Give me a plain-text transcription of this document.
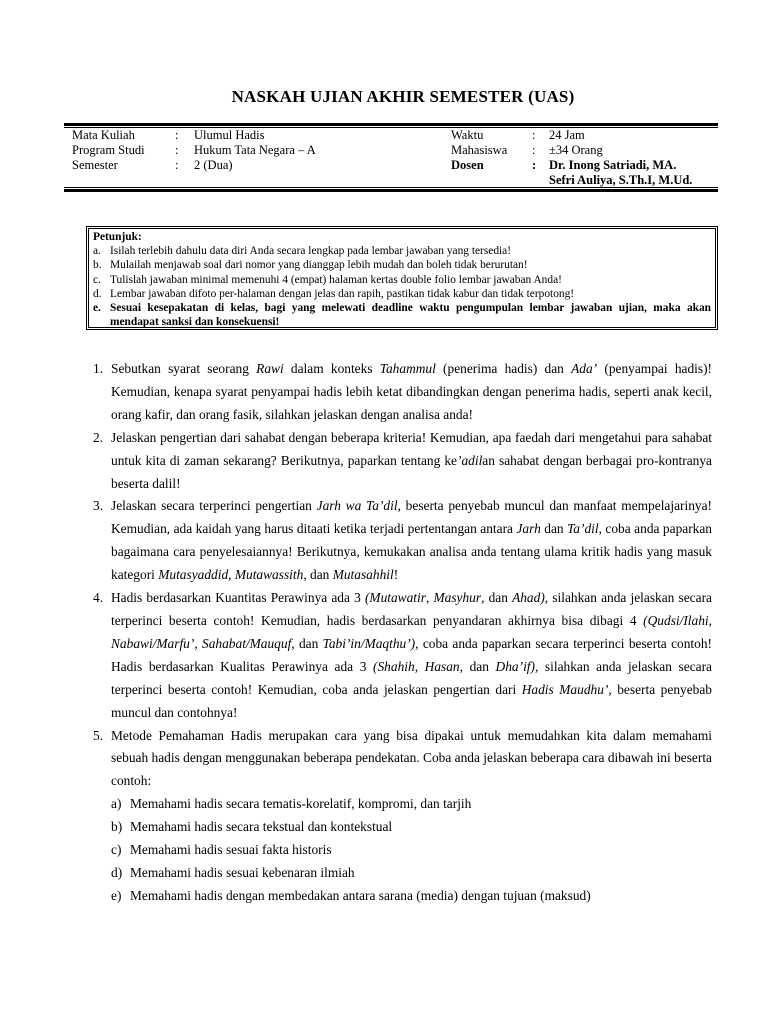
NASKAH UJIAN AKHIR SEMESTER (UAS)
Mata Kuliah	: Ulumul Hadis
Program Studi : Hukum Tata Negara – A
Semester	: 2 (Dua)
Waktu	: 24 Jam
Mahasiswa : ±34 Orang
Dosen	: Dr. Inong Satriadi, MA.
Sefri Auliya, S.Th.I, M.Ud.
Petunjuk:
a. Isilah terlebih dahulu data diri Anda secara lengkap pada lembar jawaban yang tersedia!
b. Mulailah menjawab soal dari nomor yang dianggap lebih mudah dan boleh tidak berurutan!
c. Tulislah jawaban minimal memenuhi 4 (empat) halaman kertas double folio lembar jawaban Anda!
d. Lembar jawaban difoto per-halaman dengan jelas dan rapih, pastikan tidak kabur dan tidak terpotong!
e. Sesuai kesepakatan di kelas, bagi yang melewati deadline waktu pengumpulan lembar jawaban ujian, maka akan mendapat sanksi dan konsekuensi!
1. Sebutkan syarat seorang Rawi dalam konteks Tahammul (penerima hadis) dan Ada’ (penyampai hadis)! Kemudian, kenapa syarat penyampai hadis lebih ketat dibandingkan dengan penerima hadis, seperti anak kecil, orang kafir, dan orang fasik, silahkan jelaskan dengan analisa anda!
2. Jelaskan pengertian dari sahabat dengan beberapa kriteria! Kemudian, apa faedah dari mengetahui para sahabat untuk kita di zaman sekarang? Berikutnya, paparkan tentang ke’adilan sahabat dengan berbagai pro-kontranya beserta dalil!
3. Jelaskan secara terperinci pengertian Jarh wa Ta’dil, beserta penyebab muncul dan manfaat mempelajarinya! Kemudian, ada kaidah yang harus ditaati ketika terjadi pertentangan antara Jarh dan Ta’dil, coba anda paparkan bagaimana cara penyelesaiannya! Berikutnya, kemukakan analisa anda tentang ulama kritik hadis yang masuk kategori Mutasyaddid, Mutawassith, dan Mutasahhil!
4. Hadis berdasarkan Kuantitas Perawinya ada 3 (Mutawatir, Masyhur, dan Ahad), silahkan anda jelaskan secara terperinci beserta contoh! Kemudian, hadis berdasarkan penyandaran akhirnya bisa dibagi 4 (Qudsi/Ilahi, Nabawi/Marfu’, Sahabat/Mauquf, dan Tabi’in/Maqthu’), coba anda paparkan secara terperinci beserta contoh! Hadis berdasarkan Kualitas Perawinya ada 3 (Shahih, Hasan, dan Dha’if), silahkan anda jelaskan secara terperinci beserta contoh! Kemudian, coba anda jelaskan pengertian dari Hadis Maudhu’, beserta penyebab muncul dan contohnya!
5. Metode Pemahaman Hadis merupakan cara yang bisa dipakai untuk memudahkan kita dalam memahami sebuah hadis dengan menggunakan beberapa pendekatan. Coba anda jelaskan beberapa cara dibawah ini beserta contoh:
a) Memahami hadis secara tematis-korelatif, kompromi, dan tarjih
b) Memahami hadis secara tekstual dan kontekstual
c) Memahami hadis sesuai fakta historis
d) Memahami hadis sesuai kebenaran ilmiah
e) Memahami hadis dengan membedakan antara sarana (media) dengan tujuan (maksud)
